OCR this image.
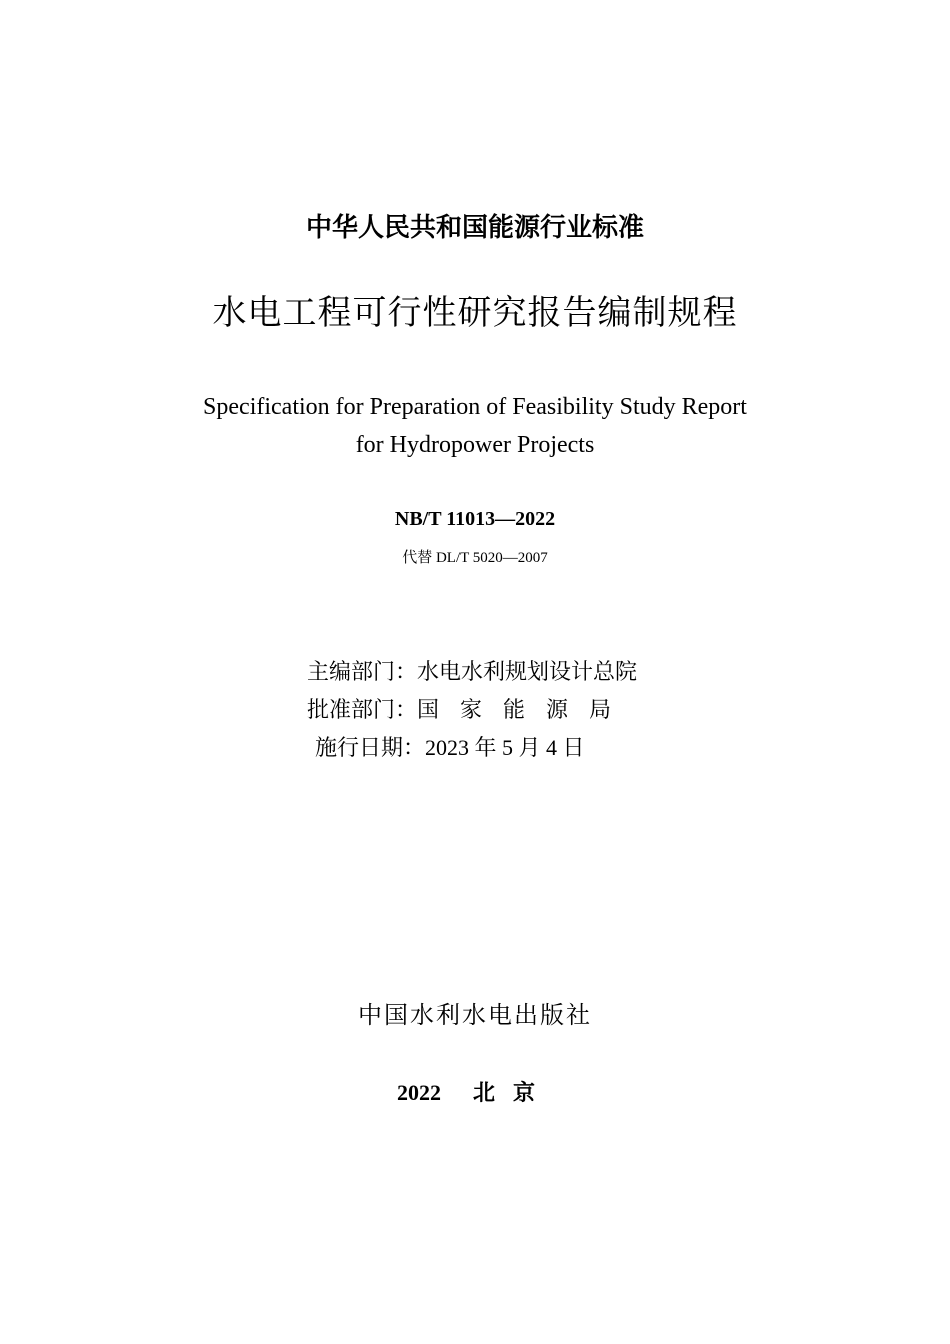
中华人民共和国能源行业标准
水电工程可行性研究报告编制规程
Specification for Preparation of Feasibility Study Report
for Hydropower Projects
NB/T 11013—2022
代替 DL/T 5020—2007
主编部门： 水电水利规划设计总院
批准部门： 国家能源局
施行日期： 2023 年 5 月 4 日
中国水利水电出版社
2022 北京
